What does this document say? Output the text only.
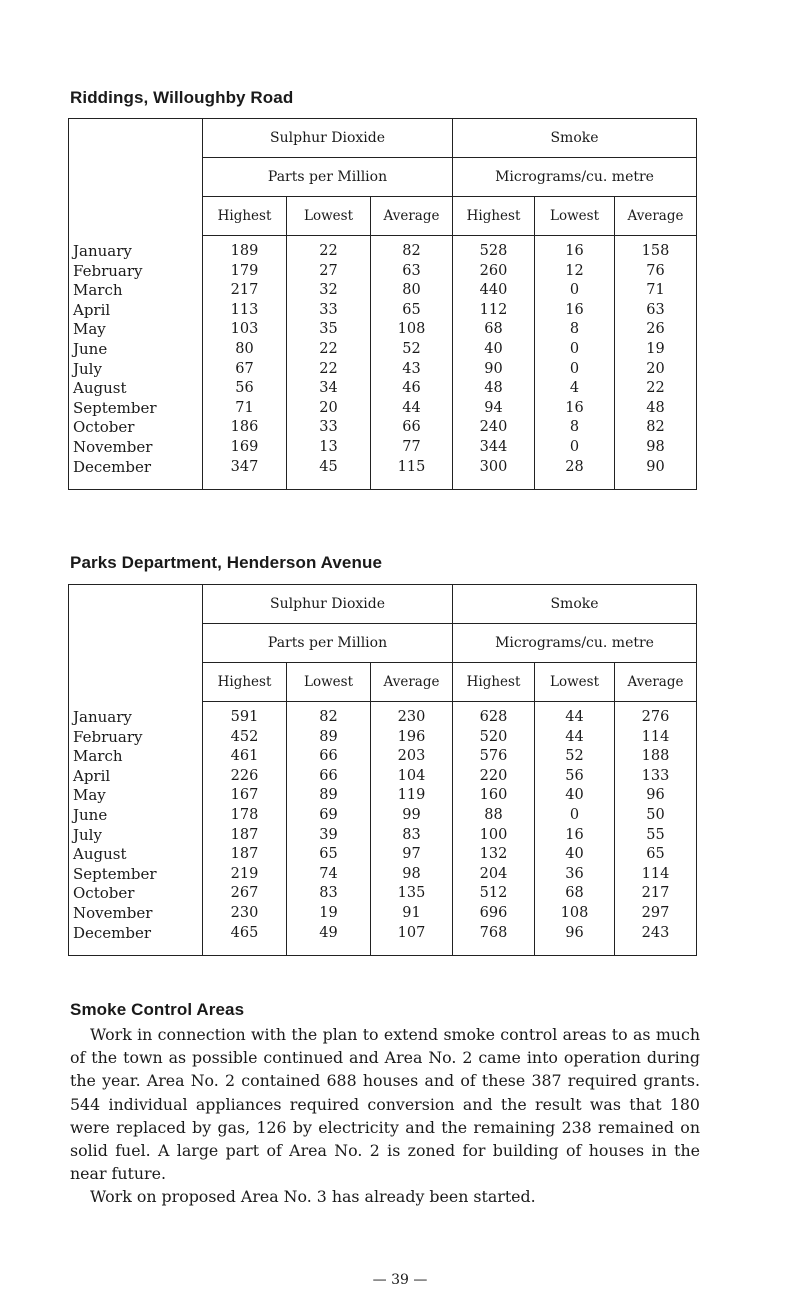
Riddings, Willoughby Road
	Sulphur Dioxide			Smoke		
	Parts per Million			Micrograms/cu. metre		
	Highest	Lowest	Average	Highest	Lowest	Average

January	189	22	82	528	16	158
February	179	27	63	260	12	76
March	217	32	80	440	0	71
April	113	33	65	112	16	63
May	103	35	108	68	8	26
June	80	22	52	40	0	19
July	67	22	43	90	0	20
August	56	34	46	48	4	22
September	71	20	44	94	16	48
October	186	33	66	240	8	82
November	169	13	77	344	0	98
December	347	45	115	300	28	90

Parks Department, Henderson Avenue
	Sulphur Dioxide			Smoke		
	Parts per Million			Micrograms/cu. metre		
	Highest	Lowest	Average	Highest	Lowest	Average

January	591	82	230	628	44	276
February	452	89	196	520	44	114
March	461	66	203	576	52	188
April	226	66	104	220	56	133
May	167	89	119	160	40	96
June	178	69	99	88	0	50
July	187	39	83	100	16	55
August	187	65	97	132	40	65
September	219	74	98	204	36	114
October	267	83	135	512	68	217
November	230	19	91	696	108	297
December	465	49	107	768	96	243

Smoke Control Areas

Work in connection with the plan to extend smoke control areas to as much of the town as possible continued and Area No. 2 came into operation during the year. Area No. 2 contained 688 houses and of these 387 required grants. 544 individual appliances required conversion and the result was that 180 were replaced by gas, 126 by electricity and the remaining 238 remained on solid fuel. A large part of Area No. 2 is zoned for building of houses in the near future.

Work on proposed Area No. 3 has already been started.

— 39 —
